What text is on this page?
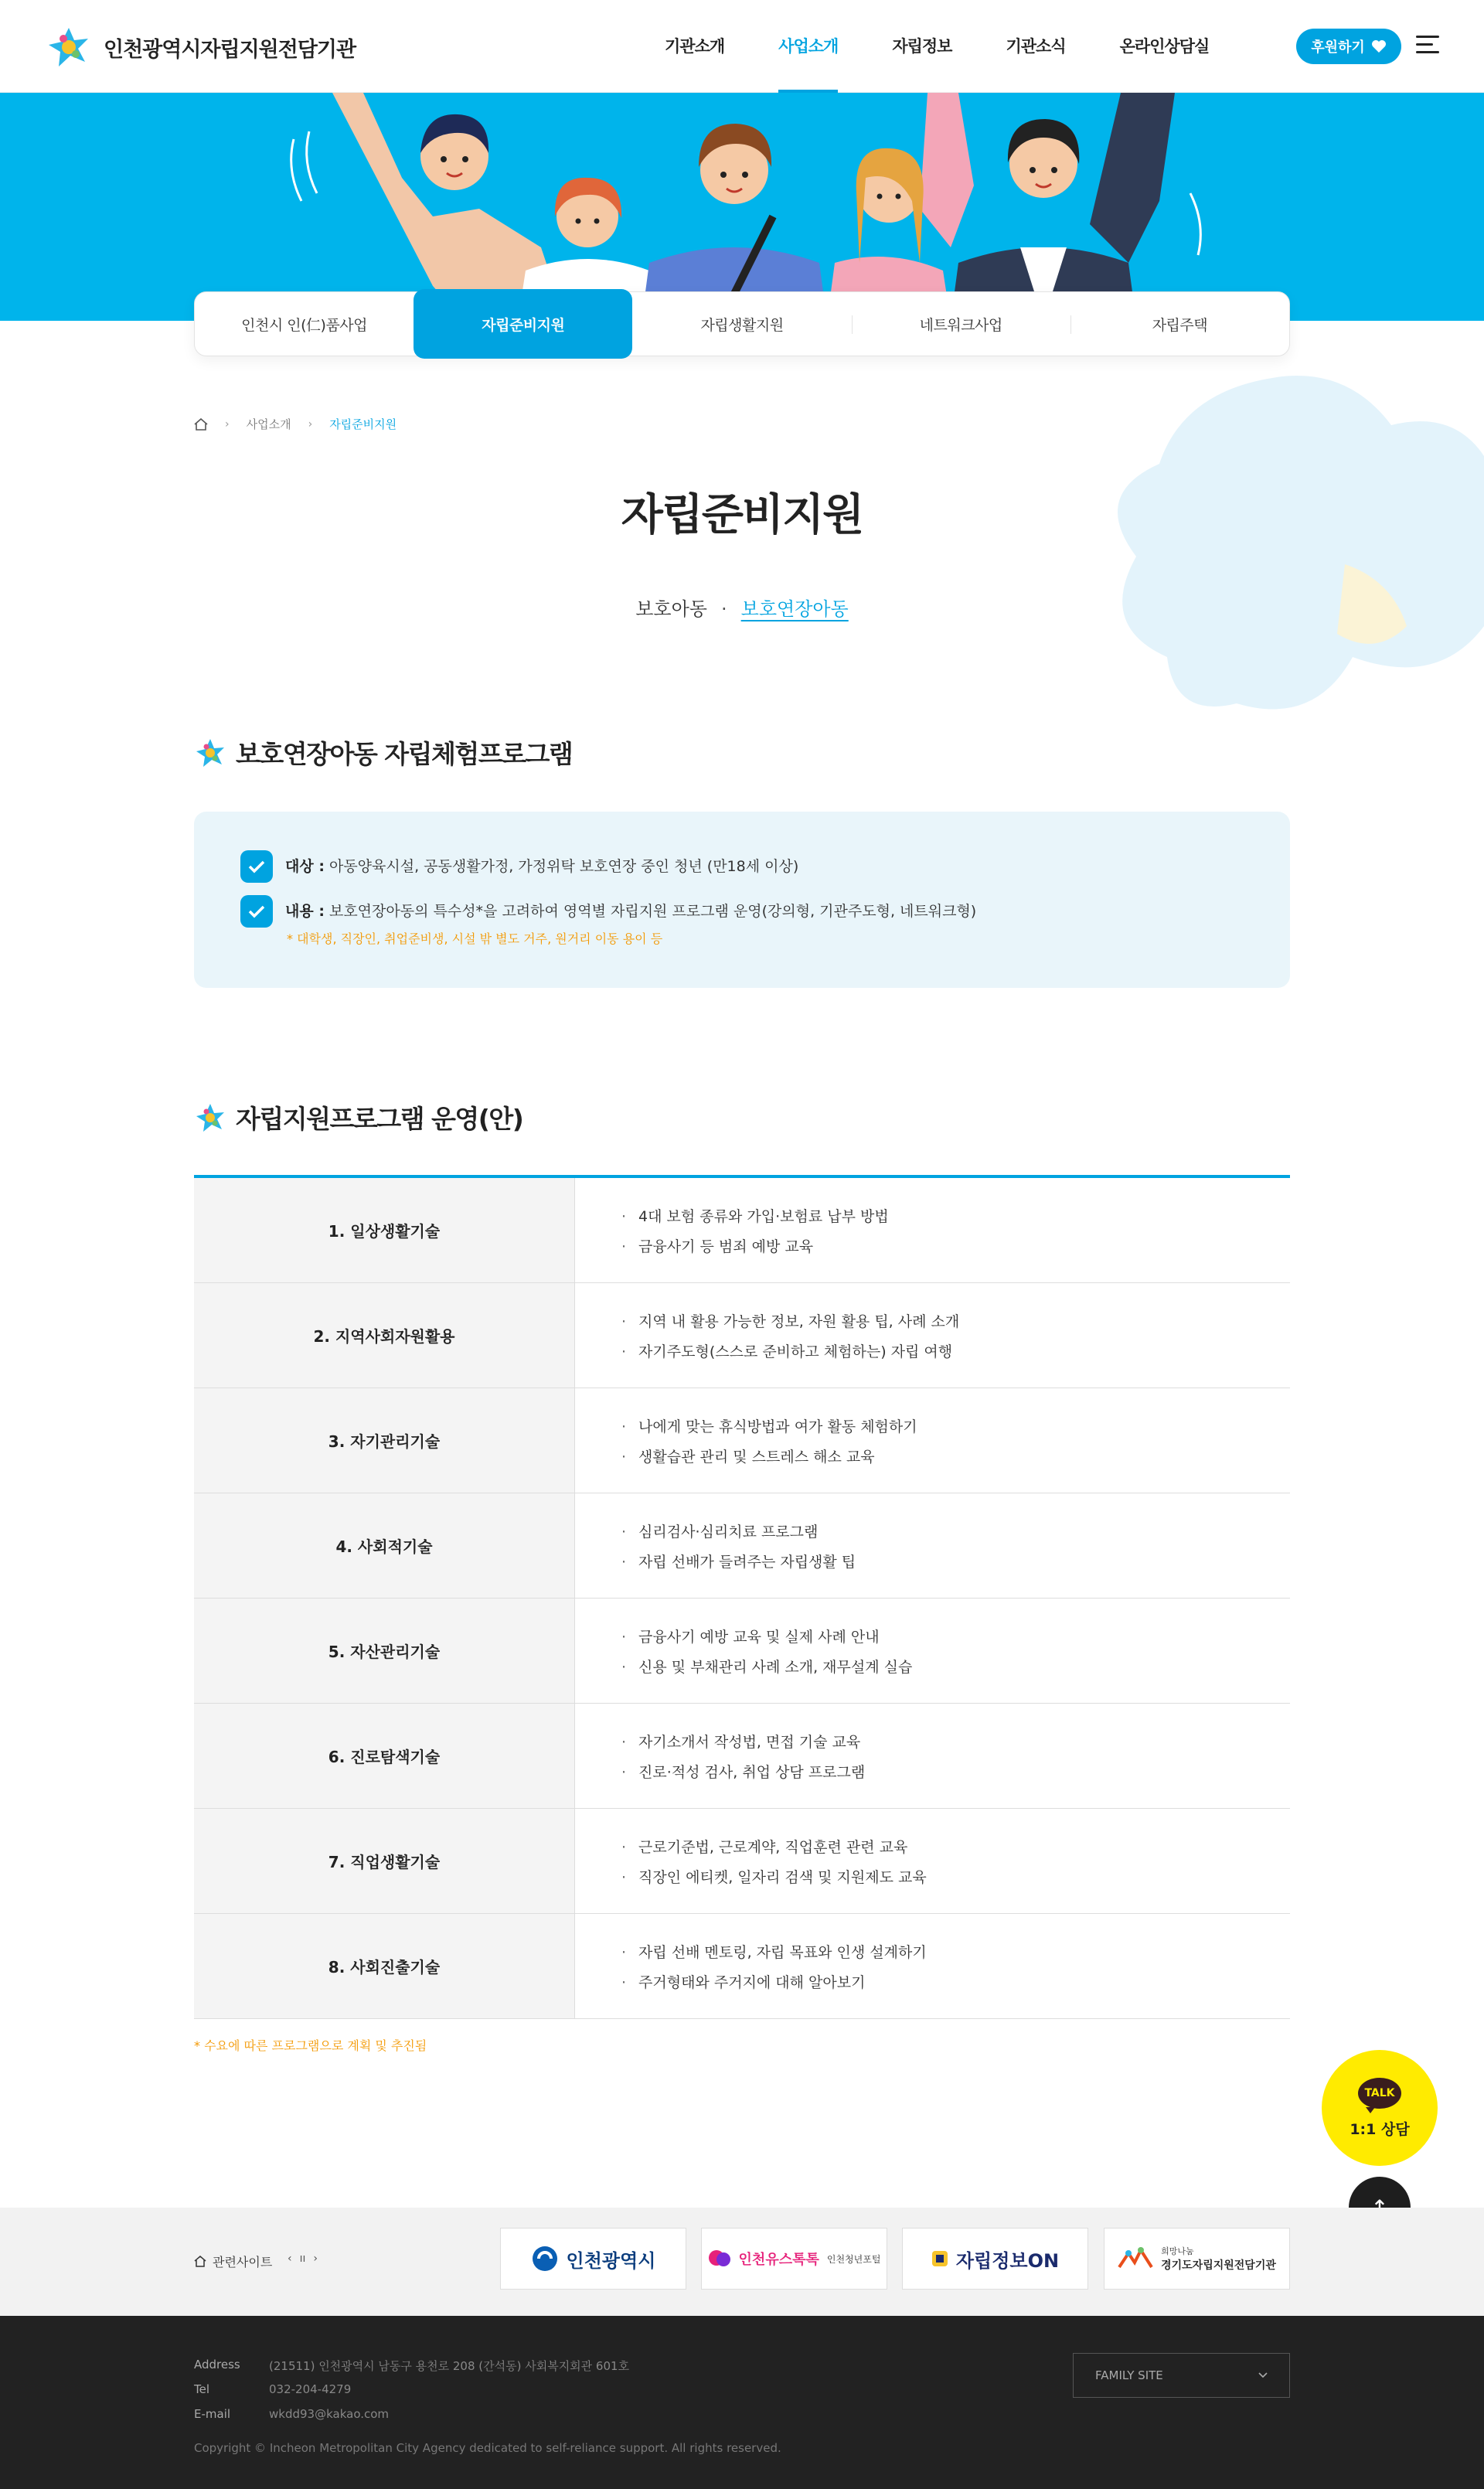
인천광역시자립지원전담기관	기관소개	사업소개	자립정보	기관소식	온라인상담실	후원하기
인천시 인(仁)품사업	자립준비지원	자립생활지원	네트워크사업	자립주택
› 사업소개 › 자립준비지원
자립준비지원
보호아동 · 보호연장아동
보호연장아동 자립체험프로그램
대상 : 아동양육시설, 공동생활가정, 가정위탁 보호연장 중인 청년 (만18세 이상)
내용 : 보호연장아동의 특수성*을 고려하여 영역별 자립지원 프로그램 운영(강의형, 기관주도형, 네트워크형)
* 대학생, 직장인, 취업준비생, 시설 밖 별도 거주, 원거리 이동 용이 등
자립지원프로그램 운영(안)
1. 일상생활기술
· 4대 보험 종류와 가입·보험료 납부 방법
· 금융사기 등 범죄 예방 교육
2. 지역사회자원활용
· 지역 내 활용 가능한 정보, 자원 활용 팁, 사례 소개
· 자기주도형(스스로 준비하고 체험하는) 자립 여행
3. 자기관리기술
· 나에게 맞는 휴식방법과 여가 활동 체험하기
· 생활습관 관리 및 스트레스 해소 교육
4. 사회적기술
· 심리검사·심리치료 프로그램
· 자립 선배가 들려주는 자립생활 팁
5. 자산관리기술
· 금융사기 예방 교육 및 실제 사례 안내
· 신용 및 부채관리 사례 소개, 재무설계 실습
6. 진로탐색기술
· 자기소개서 작성법, 면접 기술 교육
· 진로·적성 검사, 취업 상담 프로그램
7. 직업생활기술
· 근로기준법, 근로계약, 직업훈련 관련 교육
· 직장인 에티켓, 일자리 검색 및 지원제도 교육
8. 사회진출기술
· 자립 선배 멘토링, 자립 목표와 인생 설계하기
· 주거형태와 주거지에 대해 알아보기
* 수요에 따른 프로그램으로 계획 및 추진됨
TALK
1:1 상담
관련사이트 ‹ ıı ›	인천광역시	인천유스톡톡 인천청년포털	자립정보ON	희망나눔
경기도자립지원전담기관
Address	(21511) 인천광역시 남동구 용천로 208 (간석동) 사회복지회관 601호
Tel	032-204-4279
E-mail	wkdd93@kakao.com
Copyright © Incheon Metropolitan City Agency dedicated to self-reliance support. All rights reserved.
FAMILY SITE
